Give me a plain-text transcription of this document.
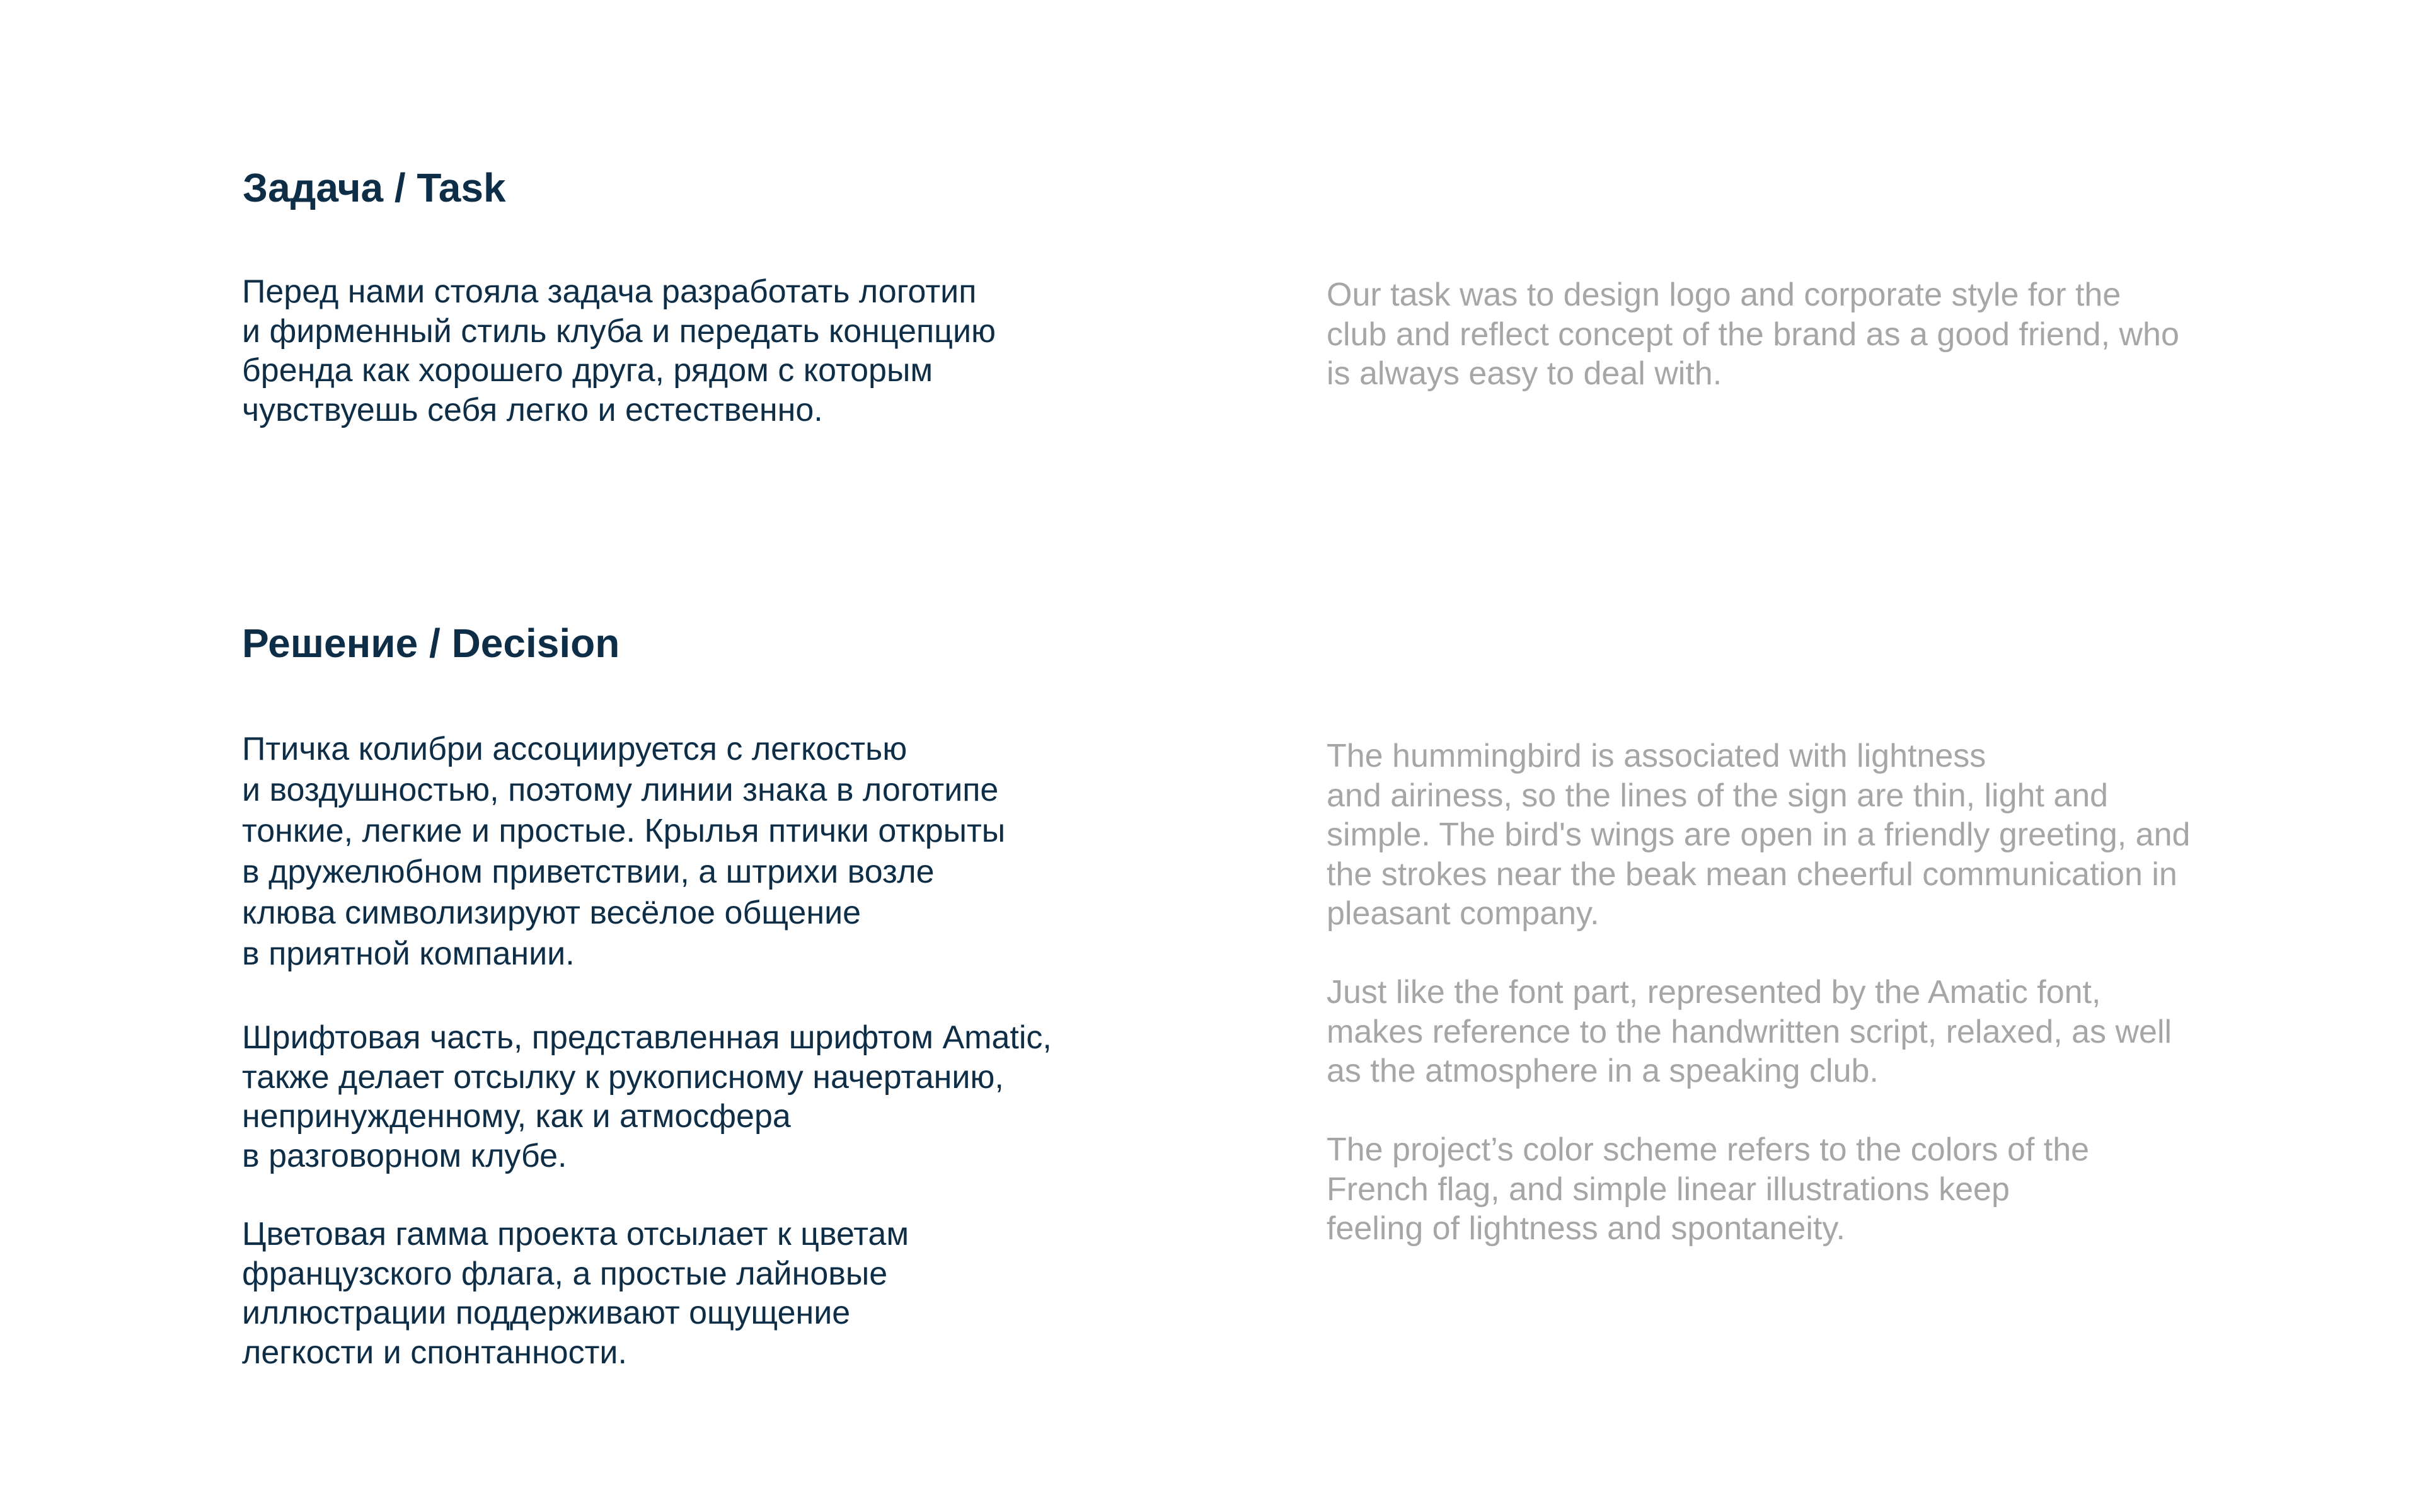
Задача / Task

Перед нами стояла задача разработать логотип
и фирменный стиль клуба и передать концепцию
бренда как хорошего друга, рядом с которым
чувствуешь себя легко и естественно.

Our task was to design logo and corporate style for the
club and reflect concept of the brand as a good friend, who
is always easy to deal with.

Решение / Decision

Птичка колибри ассоциируется с легкостью
и воздушностью, поэтому линии знака в логотипе
тонкие, легкие и простые. Крылья птички открыты
в дружелюбном приветствии, а штрихи возле
клюва символизируют весёлое общение
в приятной компании.

Шрифтовая часть, представленная шрифтом Amatic,
также делает отсылку к рукописному начертанию,
непринужденному, как и атмосфера
в разговорном клубе.

Цветовая гамма проекта отсылает к цветам
французского флага, а простые лайновые
иллюстрации поддерживают ощущение
легкости и спонтанности.

The hummingbird is associated with lightness
and airiness, so the lines of the sign are thin, light and
simple. The bird's wings are open in a friendly greeting, and
the strokes near the beak mean cheerful communication in
pleasant company.

Just like the font part, represented by the Amatic font,
makes reference to the handwritten script, relaxed, as well
as the atmosphere in a speaking club.

The project’s color scheme refers to the colors of the
French flag, and simple linear illustrations keep
feeling of lightness and spontaneity.
